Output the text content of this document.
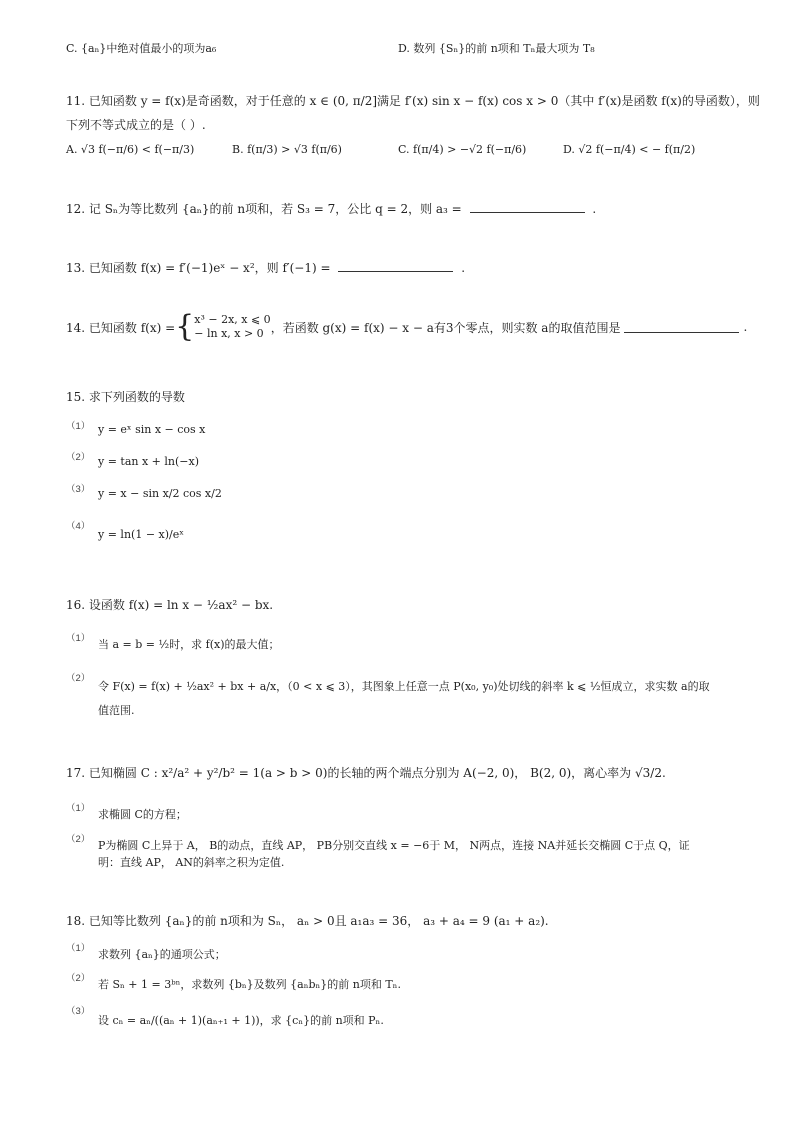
C. {aₙ}中绝对值最小的项为a₆	D. 数列 {Sₙ}的前 n项和 Tₙ最大项为 T₈
11. 已知函数 y = f(x)是奇函数，对于任意的 x ∈ (0, π/2]满足 f′(x) sin x − f(x) cos x > 0（其中 f′(x)是函数 f(x)的导函数），则
下列不等式成立的是（ ）.
A. √3 f(−π/6) < f(−π/3)	B. f(π/3) > √3 f(π/6)	C. f(π/4) > −√2 f(−π/6)	D. √2 f(−π/4) < − f(π/2)
12. 记 Sₙ为等比数列 {aₙ}的前 n项和，若 S₃ = 7，公比 q = 2，则 a₃ =	.
13. 已知函数 f(x) = f′(−1)eˣ − x²，则 f′(−1) =	.
14. 已知函数 f(x) = { x³ − 2x, x ⩽ 0
− ln x, x > 0 ，若函数 g(x) = f(x) − x − a有3个零点，则实数 a的取值范围是	.
15. 求下列函数的导数
（1） y = eˣ sin x − cos x
（2） y = tan x + ln(−x)
（3） y = x − sin x/2 cos x/2
（4）
y = ln(1 − x)/eˣ
16. 设函数 f(x) = ln x − ½ax² − bx.
（1） 当 a = b = ½时，求 f(x)的最大值；
（2）
令 F(x) = f(x) + ½ax² + bx + a/x，（0 < x ⩽ 3），其图象上任意一点 P(x₀, y₀)处切线的斜率 k ⩽ ½恒成立，求实数 a的取
值范围.
17. 已知椭圆 C : x²/a² + y²/b² = 1(a > b > 0)的长轴的两个端点分别为 A(−2, 0)， B(2, 0)，离心率为 √3/2.
（1） 求椭圆 C的方程；
（2） P为椭圆 C上异于 A， B的动点，直线 AP， PB分别交直线 x = −6于 M， N两点，连接 NA并延长交椭圆 C于点 Q，证
明：直线 AP， AN的斜率之积为定值.
18. 已知等比数列 {aₙ}的前 n项和为 Sₙ， aₙ > 0且 a₁a₃ = 36， a₃ + a₄ = 9 (a₁ + a₂).
（1） 求数列 {aₙ}的通项公式；
（2） 若 Sₙ + 1 = 3ᵇⁿ，求数列 {bₙ}及数列 {aₙbₙ}的前 n项和 Tₙ.
（3）
设 cₙ = aₙ/((aₙ + 1)(aₙ₊₁ + 1))，求 {cₙ}的前 n项和 Pₙ.
